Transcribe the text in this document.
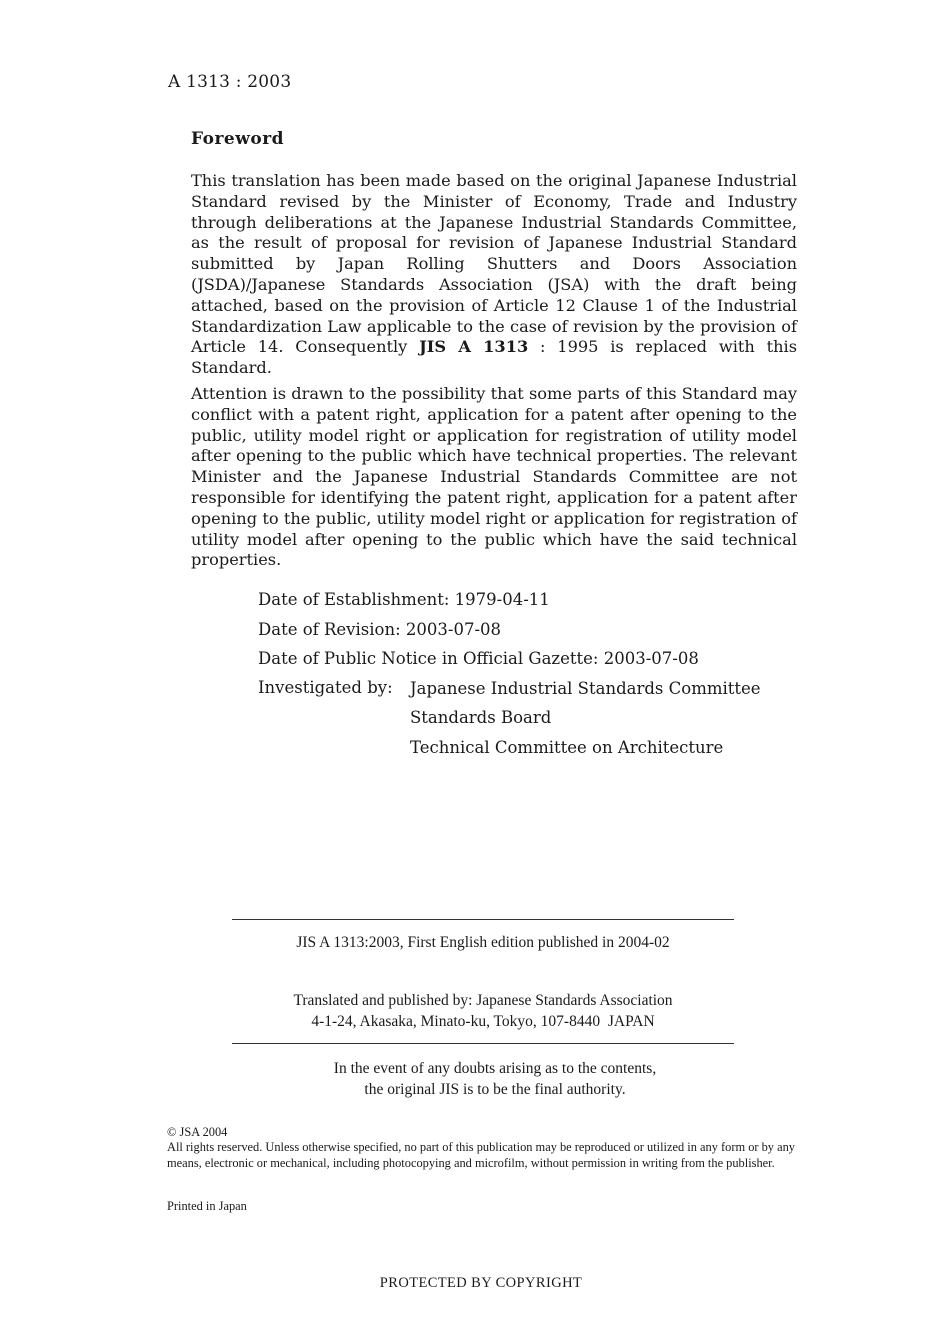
A 1313 : 2003
Foreword

This translation has been made based on the original Japanese Industrial Standard revised by the Minister of Economy, Trade and Industry through deliberations at the Japanese Industrial Standards Committee, as the result of proposal for revision of Japanese Industrial Standard submitted by Japan Rolling Shutters and Doors Association (JSDA)/Japanese Standards Association (JSA) with the draft being attached, based on the provision of Article 12 Clause 1 of the Industrial Standardization Law applicable to the case of revision by the provision of Article 14. Consequently JIS A 1313 : 1995 is replaced with this Standard.

Attention is drawn to the possibility that some parts of this Standard may conflict with a patent right, application for a patent after opening to the public, utility model right or application for registration of utility model after opening to the public which have technical properties. The relevant Minister and the Japanese Industrial Standards Committee are not responsible for identifying the patent right, application for a patent after opening to the public, utility model right or application for registration of utility model after opening to the public which have the said technical properties.

Date of Establishment: 1979-04-11
Date of Revision: 2003-07-08
Date of Public Notice in Official Gazette: 2003-07-08
Investigated by:	Japanese Industrial Standards Committee
Standards Board
Technical Committee on Architecture
JIS A 1313:2003, First English edition published in 2004-02
Translated and published by: Japanese Standards Association
4-1-24, Akasaka, Minato-ku, Tokyo, 107-8440  JAPAN
In the event of any doubts arising as to the contents,
the original JIS is to be the final authority.
© JSA 2004
All rights reserved. Unless otherwise specified, no part of this publication may be reproduced or utilized in any form or by any means, electronic or mechanical, including photocopying and microfilm, without permission in writing from the publisher.
Printed in Japan
PROTECTED BY COPYRIGHT
